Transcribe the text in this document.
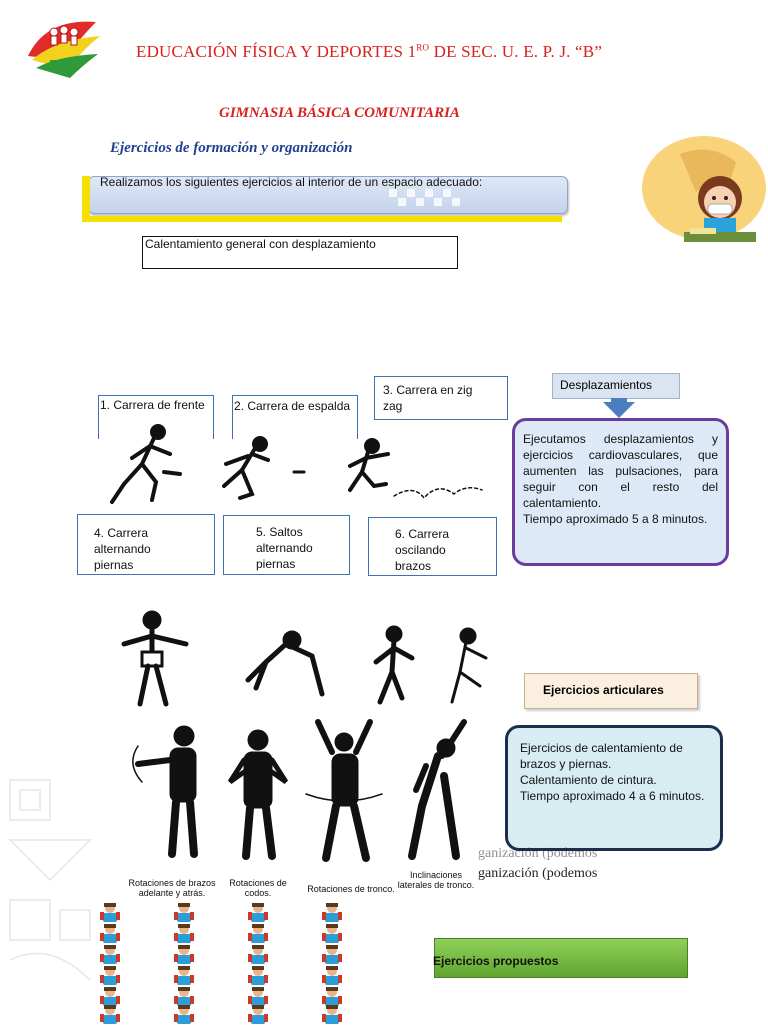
EDUCACIÓN FÍSICA Y DEPORTES $1^{RO}$ DE SEC. U. E. P. J. “B”
GIMNASIA BÁSICA COMUNITARIA
Ejercicios de formación y organización
Realizamos los siguientes ejercicios al interior de un espacio adecuado:
Calentamiento general con desplazamiento
1. Carrera de frente	2. Carrera de espalda
3. Carrera en zig zag
4. Carrera alternando piernas
5. Saltos alternando piernas
6. Carrera oscilando brazos
Desplazamientos
Ejecutamos desplazamientos y ejercicios cardiovasculares, que aumenten las pulsaciones, para seguir con el resto del calentamiento.
Tiempo aproximado 5 a 8 minutos.
Ejercicios articulares
Ejercicios de calentamiento de brazos y piernas.
Calentamiento de cintura.
Tiempo aproximado 4 a 6 minutos.
Rotaciones de brazos adelante y atrás.
Rotaciones de codos.	Rotaciones de tronco.
Inclinaciones laterales de tronco.
ganización (podemos
ganización (podemos
Ejercicios propuestos
